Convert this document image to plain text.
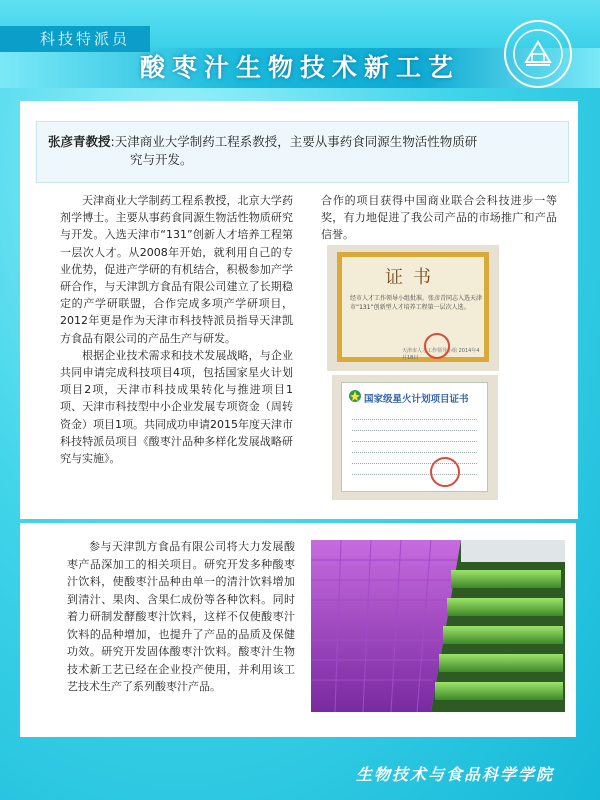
科技特派员
酸枣汁生物技术新工艺
张彦青教授:天津商业大学制药工程系教授，主要从事药食同源生物活性物质研
究与开发。

天津商业大学制药工程系教授，北京大学药剂学博士。主要从事药食同源生物活性物质研究与开发。入选天津市“131”创新人才培养工程第一层次人才。从2008年开始，就利用自己的专业优势，促进产学研的有机结合，积极参加产学研合作，与天津凯方食品有限公司建立了长期稳定的产学研联盟，合作完成多项产学研项目，2012年更是作为天津市科技特派员指导天津凯方食品有限公司的产品生产与研发。

根据企业技术需求和技术发展战略，与企业共同申请完成科技项目4项，包括国家星火计划项目2项，天津市科技成果转化与推进项目1项、天津市科技型中小企业发展专项资金（周转资金）项目1项。共同成功申请2015年度天津市科技特派员项目《酸枣汁品种多样化发展战略研究与实施》。

合作的项目获得中国商业联合会科技进步一等奖，有力地促进了我公司产品的市场推广和产品信誉。

证书
经市人才工作领导小组批准，张彦青同志入选天津市“131”创新型人才培养工程第一层次人选。
天津市人才工作领导小组 2014年4月18日
国家级星火计划项目证书

参与天津凯方食品有限公司将大力发展酸枣产品深加工的相关项目。研究开发多种酸枣汁饮料，使酸枣汁品种由单一的清汁饮料增加到清汁、果肉、含果仁成份等各种饮料。同时着力研制发酵酸枣汁饮料，这样不仅使酸枣汁饮料的品种增加，也提升了产品的品质及保健功效。研究开发固体酸枣汁饮料。酸枣汁生物技术新工艺已经在企业投产使用，并利用该工艺技术生产了系列酸枣汁产品。

生物技术与食品科学学院
